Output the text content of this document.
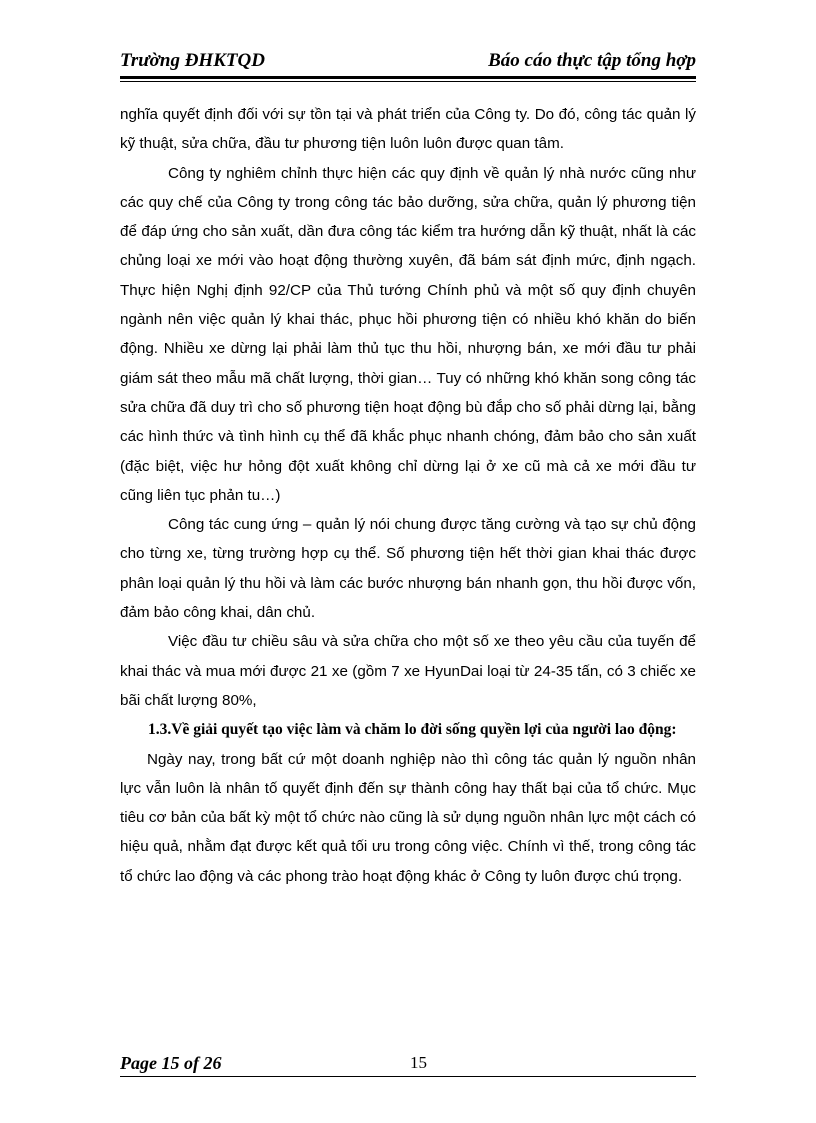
Trường ĐHKTQD	Báo cáo thực tập tổng hợp

nghĩa quyết định đối với sự tồn tại và phát triển của Công ty. Do đó, công tác quản lý kỹ thuật, sửa chữa, đầu tư phương tiện luôn luôn được quan tâm.

Công ty nghiêm chỉnh thực hiện các quy định về quản lý nhà nước cũng như các quy chế của Công ty trong công tác bảo dưỡng, sửa chữa, quản lý phương tiện để đáp ứng cho sản xuất, dần đưa công tác kiểm tra hướng dẫn kỹ thuật, nhất là các chủng loại xe mới vào hoạt động thường xuyên, đã bám sát định mức, định ngạch. Thực hiện Nghị định 92/CP của Thủ tướng Chính phủ và một số quy định chuyên ngành nên việc quản lý khai thác, phục hồi phương tiện có nhiều khó khăn do biến động. Nhiều xe dừng lại phải làm thủ tục thu hồi, nhượng bán, xe mới đầu tư phải giám sát theo mẫu mã chất lượng, thời gian… Tuy có những khó khăn song công tác sửa chữa đã duy trì cho số phương tiện hoạt động bù đắp cho số phải dừng lại, bằng các hình thức và tình hình cụ thể đã khắc phục nhanh chóng, đảm bảo cho sản xuất (đặc biệt, việc hư hỏng đột xuất không chỉ dừng lại ở xe cũ mà cả xe mới đầu tư cũng liên tục phản tu…)

Công tác cung ứng – quản lý nói chung được tăng cường và tạo sự chủ động cho từng xe, từng trường hợp cụ thể. Số phương tiện hết thời gian khai thác được phân loại quản lý thu hồi và làm các bước nhượng bán nhanh gọn, thu hồi được vốn, đảm bảo công khai, dân chủ.

Việc đầu tư chiều sâu và sửa chữa cho một số xe theo yêu cầu của tuyến để khai thác và mua mới được 21 xe (gồm 7 xe HyunDai loại từ 24-35 tấn, có 3 chiếc xe bãi chất lượng 80%,

1.3.Về giải quyết tạo việc làm và chăm lo đời sống quyền lợi của người lao động:

Ngày nay, trong bất cứ một doanh nghiệp nào thì công tác quản lý nguồn nhân lực vẫn luôn là nhân tố quyết định đến sự thành công hay thất bại của tổ chức. Mục tiêu cơ bản của bất kỳ một tổ chức nào cũng là sử dụng nguồn nhân lực một cách có hiệu quả, nhằm đạt được kết quả tối ưu trong công việc. Chính vì thế, trong công tác tổ chức lao động và các phong trào hoạt động khác ở Công ty luôn được chú trọng.

Page 15 of 26	15
